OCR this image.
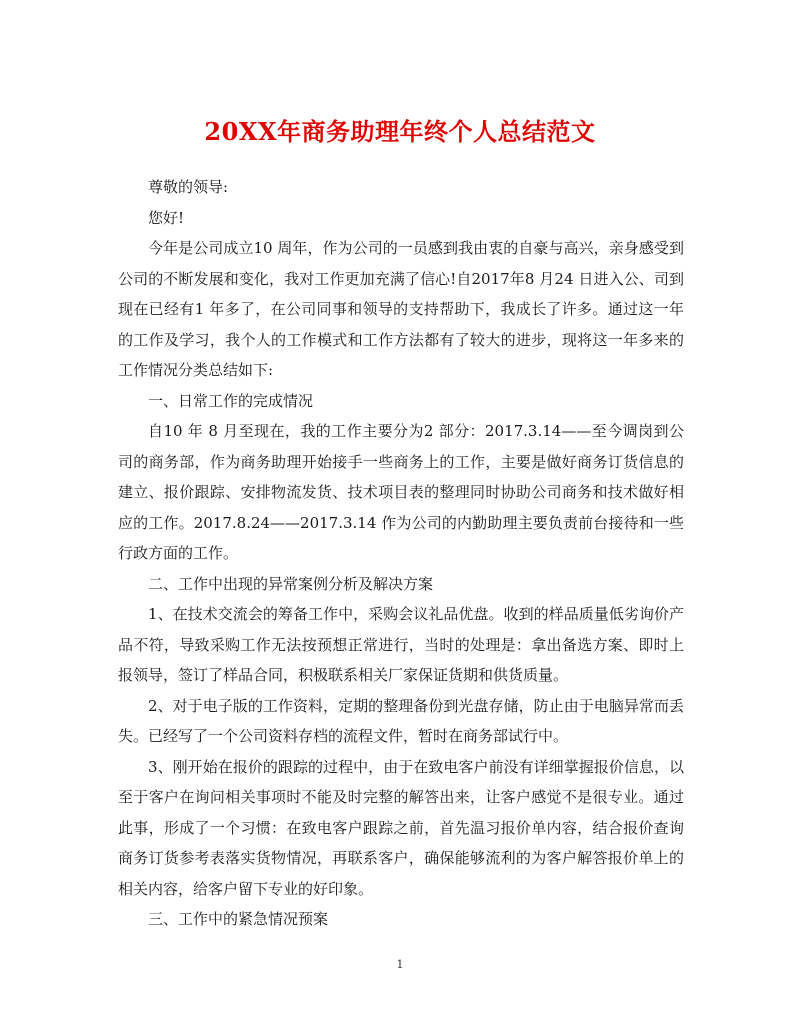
20XX年商务助理年终个人总结范文

尊敬的领导:

您好!

今年是公司成立10 周年，作为公司的一员感到我由衷的自豪与高兴，亲身感受到公司的不断发展和变化，我对工作更加充满了信心!自2017年8 月24 日进入公、司到现在已经有1 年多了，在公司同事和领导的支持帮助下，我成长了许多。通过这一年的工作及学习，我个人的工作模式和工作方法都有了较大的进步，现将这一年多来的工作情况分类总结如下:

一、日常工作的完成情况

自10 年 8 月至现在，我的工作主要分为2 部分：2017.3.14——至今调岗到公司的商务部，作为商务助理开始接手一些商务上的工作，主要是做好商务订货信息的建立、报价跟踪、安排物流发货、技术项目表的整理同时协助公司商务和技术做好相应的工作。2017.8.24——2017.3.14 作为公司的内勤助理主要负责前台接待和一些行政方面的工作。

二、工作中出现的异常案例分析及解决方案

1、在技术交流会的筹备工作中，采购会议礼品优盘。收到的样品质量低劣询价产品不符，导致采购工作无法按预想正常进行，当时的处理是：拿出备选方案、即时上报领导，签订了样品合同，积极联系相关厂家保证货期和供货质量。

2、对于电子版的工作资料，定期的整理备份到光盘存储，防止由于电脑异常而丢失。已经写了一个公司资料存档的流程文件，暂时在商务部试行中。

3、刚开始在报价的跟踪的过程中，由于在致电客户前没有详细掌握报价信息，以至于客户在询问相关事项时不能及时完整的解答出来，让客户感觉不是很专业。通过此事，形成了一个习惯：在致电客户跟踪之前，首先温习报价单内容，结合报价查询商务订货参考表落实货物情况，再联系客户，确保能够流利的为客户解答报价单上的相关内容，给客户留下专业的好印象。

三、工作中的紧急情况预案

1
